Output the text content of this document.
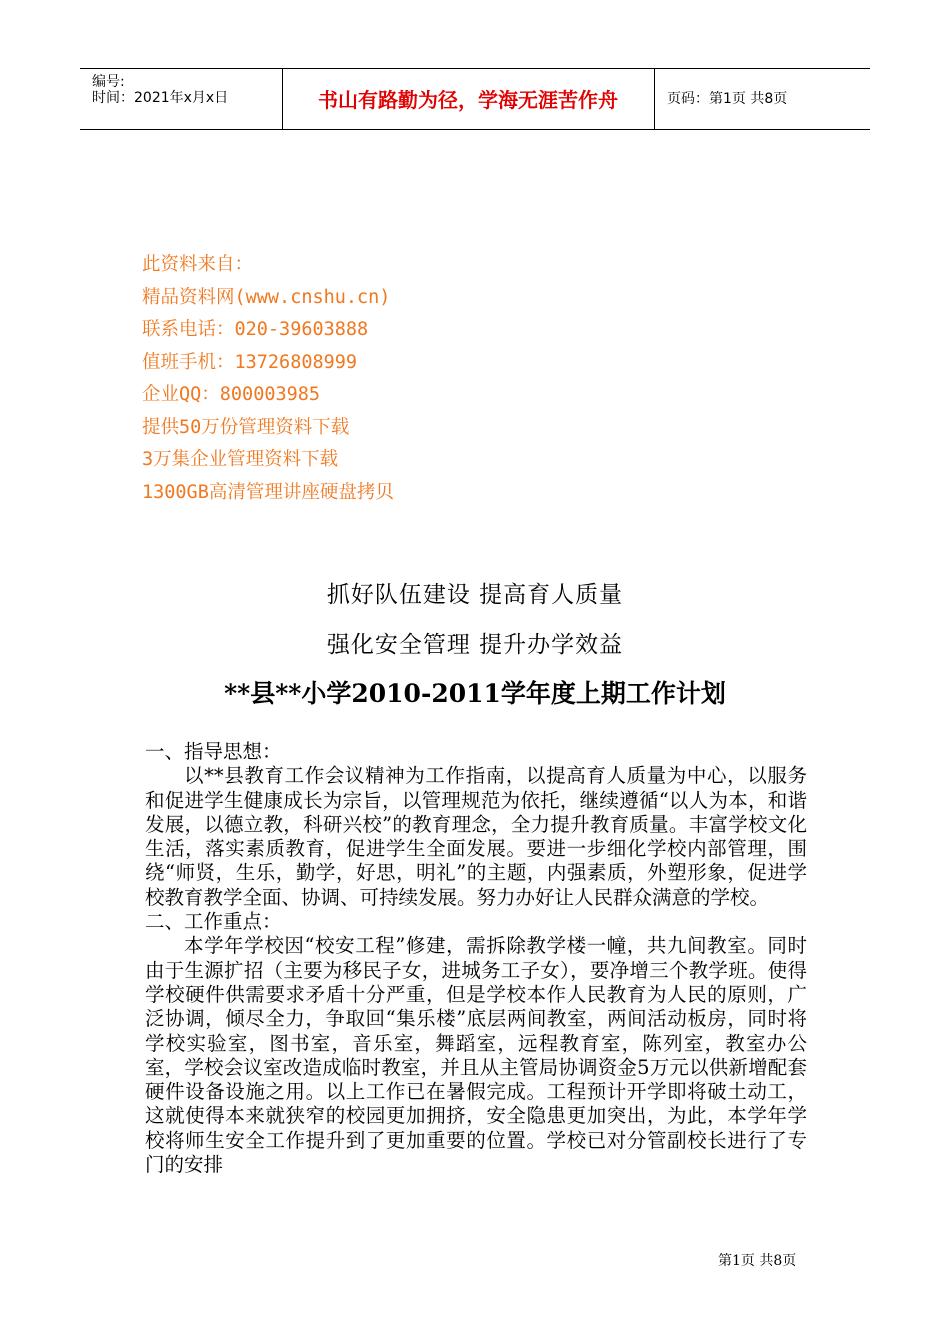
编号:
时间：2021年x月x日	书山有路勤为径，学海无涯苦作舟	页码：第1页 共8页
此资料来自：
精品资料网(www.cnshu.cn)
联系电话：020-39603888
值班手机：13726808999
企业QQ：800003985
提供50万份管理资料下载
3万集企业管理资料下载
1300GB高清管理讲座硬盘拷贝
抓好队伍建设 提高育人质量
强化安全管理 提升办学效益
**县**小学2010-2011学年度上期工作计划

一、指导思想：

以**县教育工作会议精神为工作指南，以提高育人质量为中心，以服务和促进学生健康成长为宗旨，以管理规范为依托，继续遵循“以人为本，和谐发展，以德立教，科研兴校”的教育理念，全力提升教育质量。丰富学校文化生活，落实素质教育，促进学生全面发展。要进一步细化学校内部管理，围绕“师贤，生乐，勤学，好思，明礼”的主题，内强素质，外塑形象，促进学校教育教学全面、协调、可持续发展。努力办好让人民群众满意的学校。

二、工作重点：

本学年学校因“校安工程”修建，需拆除教学楼一幢，共九间教室。同时由于生源扩招（主要为移民子女，进城务工子女），要净增三个教学班。使得学校硬件供需要求矛盾十分严重，但是学校本作人民教育为人民的原则，广泛协调，倾尽全力，争取回“集乐楼”底层两间教室，两间活动板房，同时将学校实验室，图书室，音乐室，舞蹈室，远程教育室，陈列室，教室办公室，学校会议室改造成临时教室，并且从主管局协调资金5万元以供新增配套硬件设备设施之用。以上工作已在暑假完成。工程预计开学即将破土动工，这就使得本来就狭窄的校园更加拥挤，安全隐患更加突出，为此，本学年学校将师生安全工作提升到了更加重要的位置。学校已对分管副校长进行了专门的安排

第1页 共8页
